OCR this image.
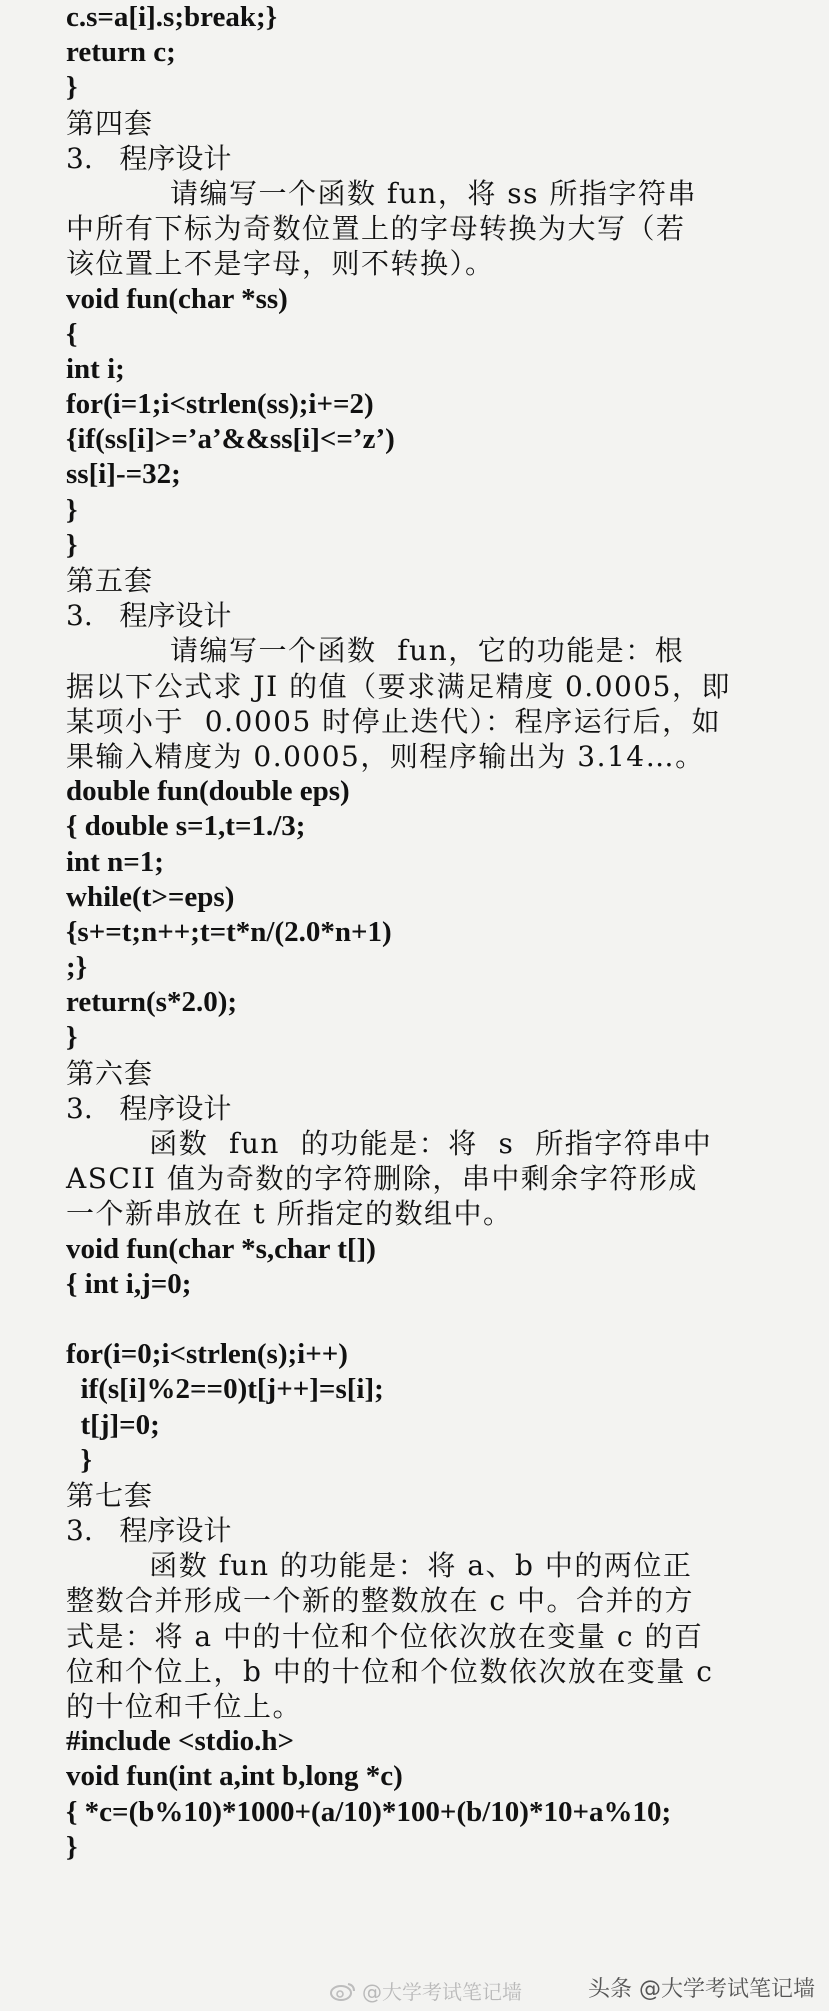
c.s=a[i].s;break;}
return c;
}
第四套
3.   程序设计
请编写一个函数 fun，将 ss 所指字符串
中所有下标为奇数位置上的字母转换为大写（若
该位置上不是字母，则不转换）。
void fun(char *ss)
{
int i;
for(i=1;i<strlen(ss);i+=2)
{if(ss[i]>=’a’&&ss[i]<=’z’)
ss[i]-=32;
}
}
第五套
3.   程序设计
请编写一个函数  fun，它的功能是：根
据以下公式求 JI 的值（要求满足精度 0.0005，即
某项小于  0.0005 时停止迭代）：程序运行后，如
果输入精度为 0.0005，则程序输出为 3.14…。
double fun(double eps)
{ double s=1,t=1./3;
int n=1;
while(t>=eps)
{s+=t;n++;t=t*n/(2.0*n+1)
;}
return(s*2.0);
}
第六套
3.   程序设计
函数  fun  的功能是：将  s  所指字符串中
ASCII 值为奇数的字符删除，串中剩余字符形成
一个新串放在 t 所指定的数组中。
void fun(char *s,char t[])
{ int i,j=0;
for(i=0;i<strlen(s);i++)
if(s[i]%2==0)t[j++]=s[i];
t[j]=0;
}
第七套
3.   程序设计
函数 fun 的功能是：将 a、b 中的两位正
整数合并形成一个新的整数放在 c 中。合并的方
式是：将 a 中的十位和个位依次放在变量 c 的百
位和个位上，b 中的十位和个位数依次放在变量 c
的十位和千位上。
#include <stdio.h>
void fun(int a,int b,long *c)
{ *c=(b%10)*1000+(a/10)*100+(b/10)*10+a%10;
}
@大学考试笔记墙	头条 @大学考试笔记墙
